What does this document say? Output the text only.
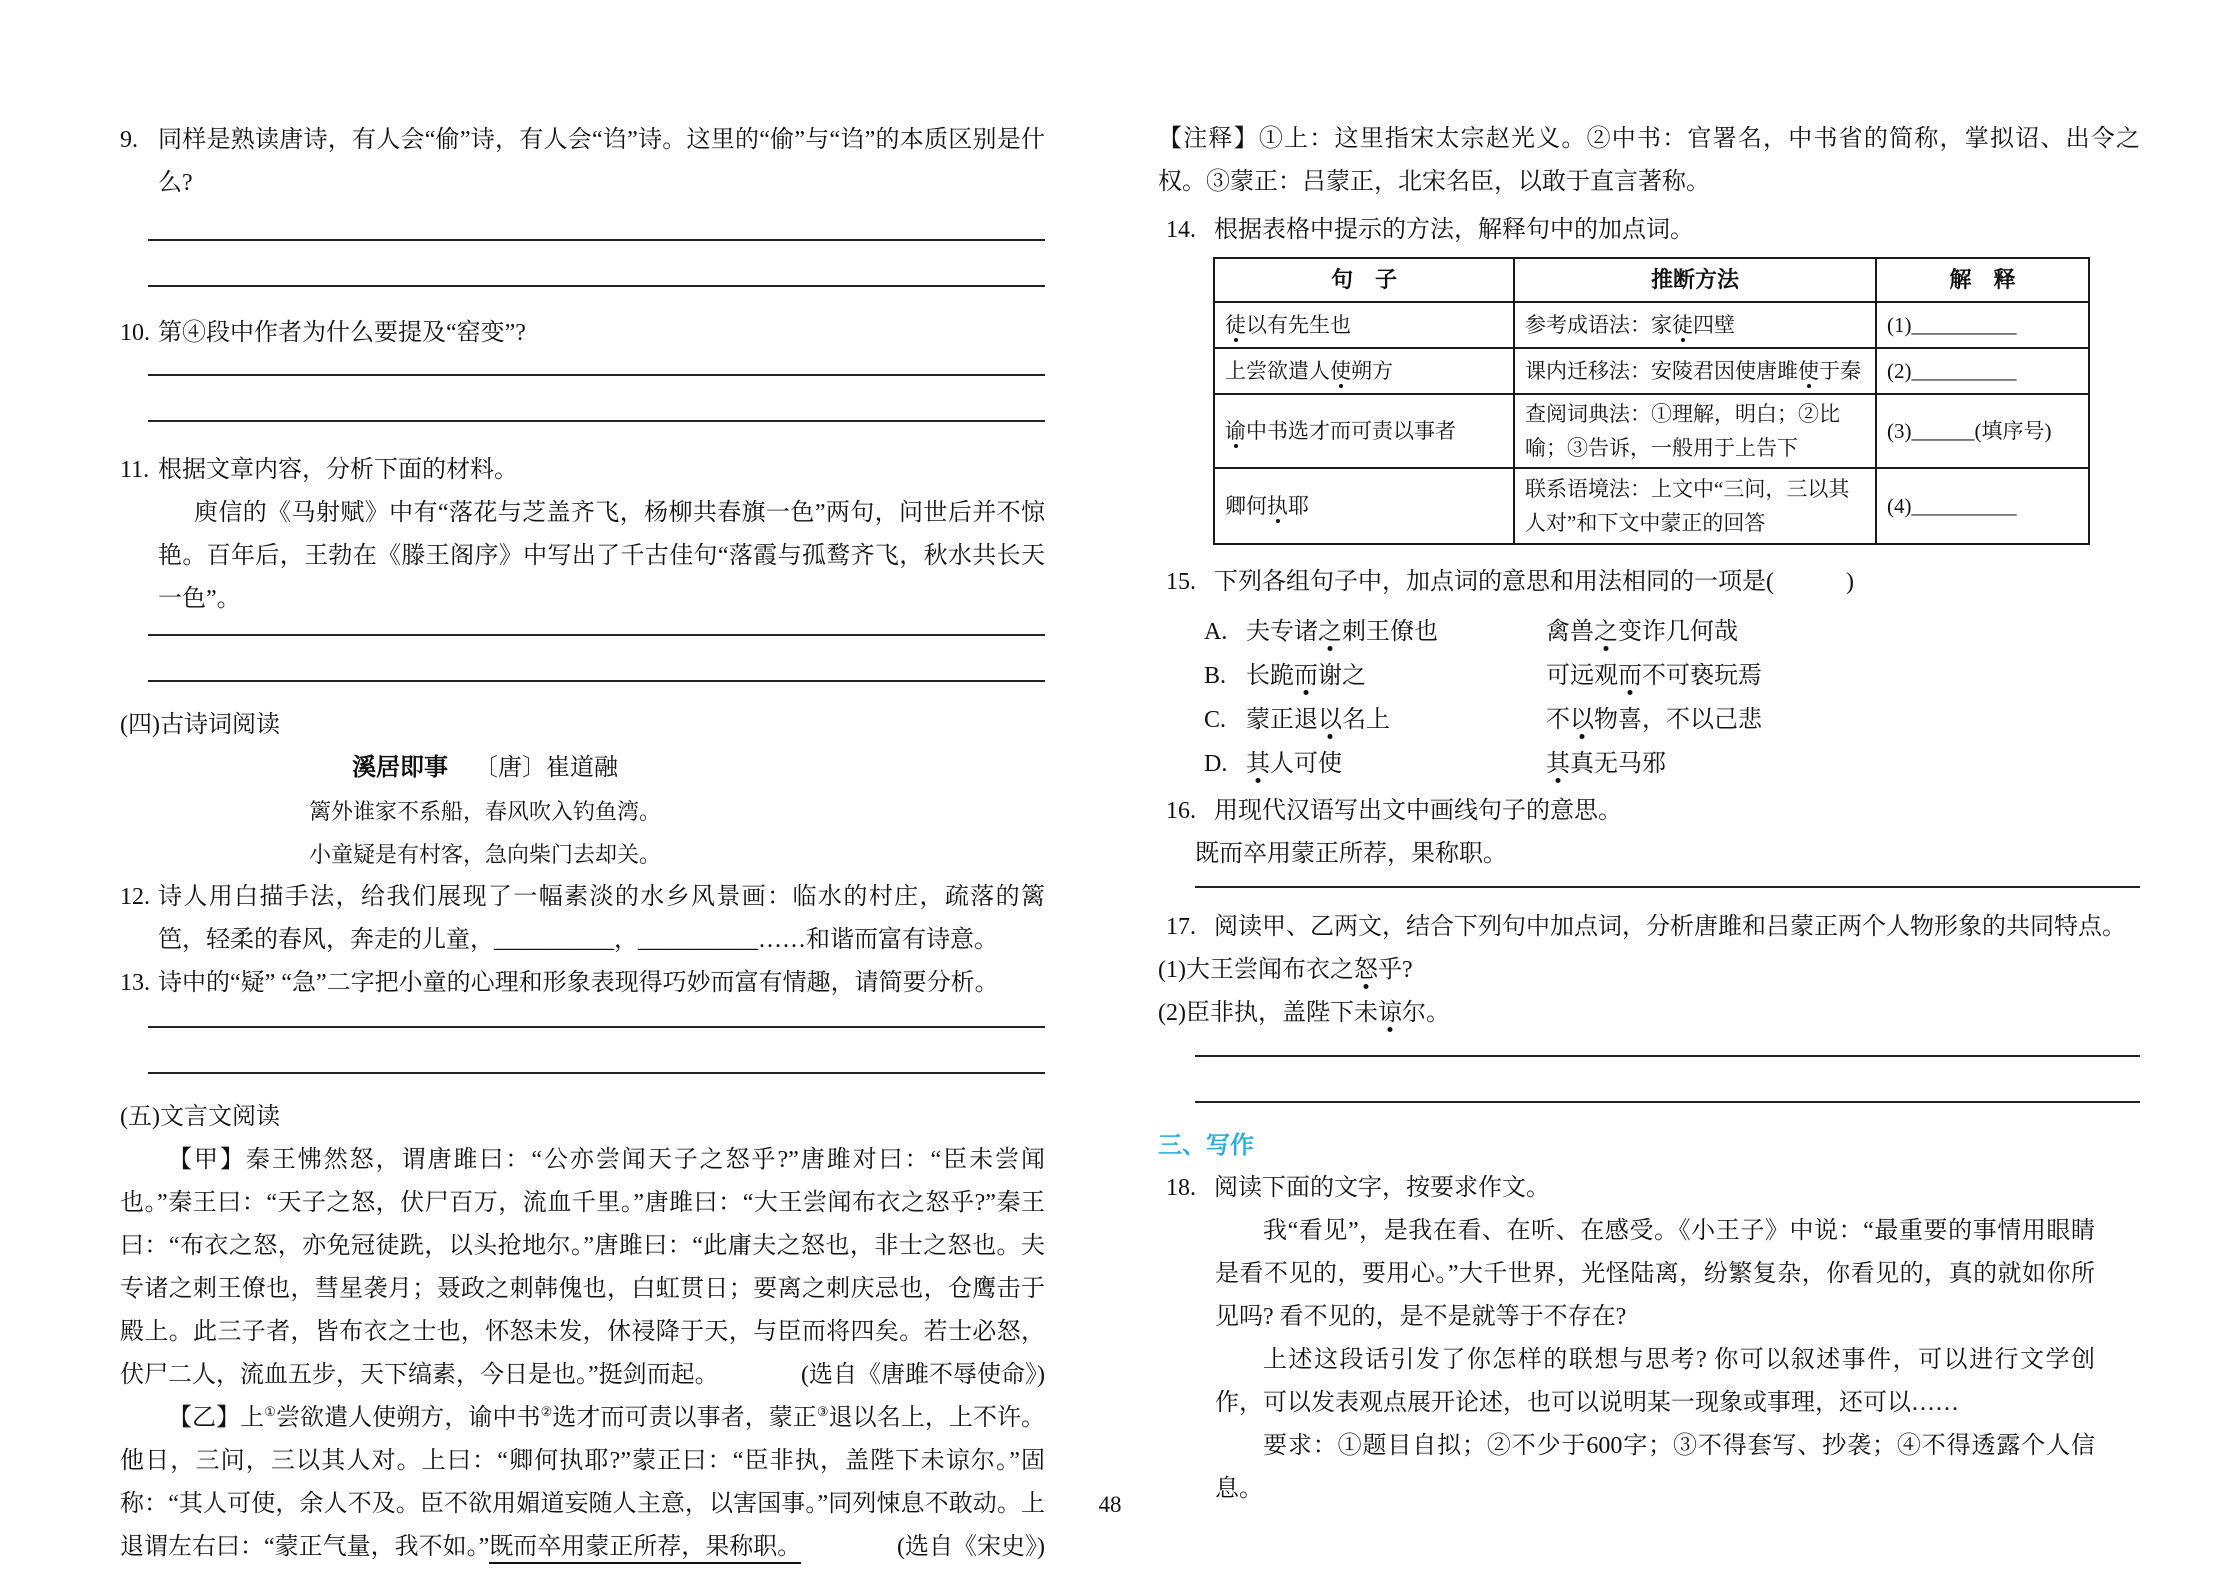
9. 同样是熟读唐诗，有人会“偷”诗，有人会“诌”诗。这里的“偷”与“诌”的本质区别是什么?
10. 第④段中作者为什么要提及“窑变”?
11. 根据文章内容，分析下面的材料。
庾信的《马射赋》中有“落花与芝盖齐飞，杨柳共春旗一色”两句，问世后并不惊艳。百年后，王勃在《滕王阁序》中写出了千古佳句“落霞与孤鹜齐飞，秋水共长天一色”。
(四)古诗词阅读
溪居即事 〔唐〕崔道融
篱外谁家不系船，春风吹入钓鱼湾。
小童疑是有村客，急向柴门去却关。
12. 诗人用白描手法，给我们展现了一幅素淡的水乡风景画：临水的村庄，疏落的篱笆，轻柔的春风，奔走的儿童，__________，__________……和谐而富有诗意。
13. 诗中的“疑” “急”二字把小童的心理和形象表现得巧妙而富有情趣，请简要分析。
(五)文言文阅读
【甲】秦王怫然怒，谓唐雎曰：“公亦尝闻天子之怒乎?”唐雎对曰：“臣未尝闻也。”秦王曰：“天子之怒，伏尸百万，流血千里。”唐雎曰：“大王尝闻布衣之怒乎?”秦王曰：“布衣之怒，亦免冠徒跣，以头抢地尔。”唐雎曰：“此庸夫之怒也，非士之怒也。夫专诸之刺王僚也，彗星袭月；聂政之刺韩傀也，白虹贯日；要离之刺庆忌也，仓鹰击于殿上。此三子者，皆布衣之士也，怀怒未发，休祲降于天，与臣而将四矣。若士必怒，伏尸二人，流血五步，天下缟素，今日是也。”挺剑而起。	(选自《唐雎不辱使命》)
【乙】上①尝欲遣人使朔方，谕中书②选才而可责以事者，蒙正③退以名上，上不许。他日，三问，三以其人对。上曰：“卿何执耶?”蒙正曰：“臣非执，盖陛下未谅尔。”固称：“其人可使，余人不及。臣不欲用媚道妄随人主意，以害国事。”同列悚息不敢动。上退谓左右曰：“蒙正气量，我不如。”既而卒用蒙正所荐，果称职。	(选自《宋史》)
【注释】①上：这里指宋太宗赵光义。②中书：官署名，中书省的简称，掌拟诏、出令之权。③蒙正：吕蒙正，北宋名臣，以敢于直言著称。
14. 根据表格中提示的方法，解释句中的加点词。
句　子	推断方法	解　释
徒以有先生也	参考成语法：家徒四壁	(1)__________
上尝欲遣人使朔方	课内迁移法：安陵君因使唐雎使于秦	(2)__________
谕中书选才而可责以事者	查阅词典法：①理解，明白；②比喻；③告诉，一般用于上告下	(3)______(填序号)
卿何执耶	联系语境法：上文中“三问，三以其人对”和下文中蒙正的回答	(4)__________
15. 下列各组句子中，加点词的意思和用法相同的一项是(　　　)
A. 夫专诸之刺王僚也	禽兽之变诈几何哉
B. 长跪而谢之	可远观而不可亵玩焉
C. 蒙正退以名上	不以物喜，不以己悲
D. 其人可使	其真无马邪
16. 用现代汉语写出文中画线句子的意思。
既而卒用蒙正所荐，果称职。
17. 阅读甲、乙两文，结合下列句中加点词，分析唐雎和吕蒙正两个人物形象的共同特点。
(1)大王尝闻布衣之怒乎?
(2)臣非执，盖陛下未谅尔。
三、写作
18. 阅读下面的文字，按要求作文。
我“看见”，是我在看、在听、在感受。《小王子》中说：“最重要的事情用眼睛是看不见的，要用心。”大千世界，光怪陆离，纷繁复杂，你看见的，真的就如你所见吗? 看不见的，是不是就等于不存在?
上述这段话引发了你怎样的联想与思考? 你可以叙述事件，可以进行文学创作，可以发表观点展开论述，也可以说明某一现象或事理，还可以……
要求：①题目自拟；②不少于600字；③不得套写、抄袭；④不得透露个人信息。
48
